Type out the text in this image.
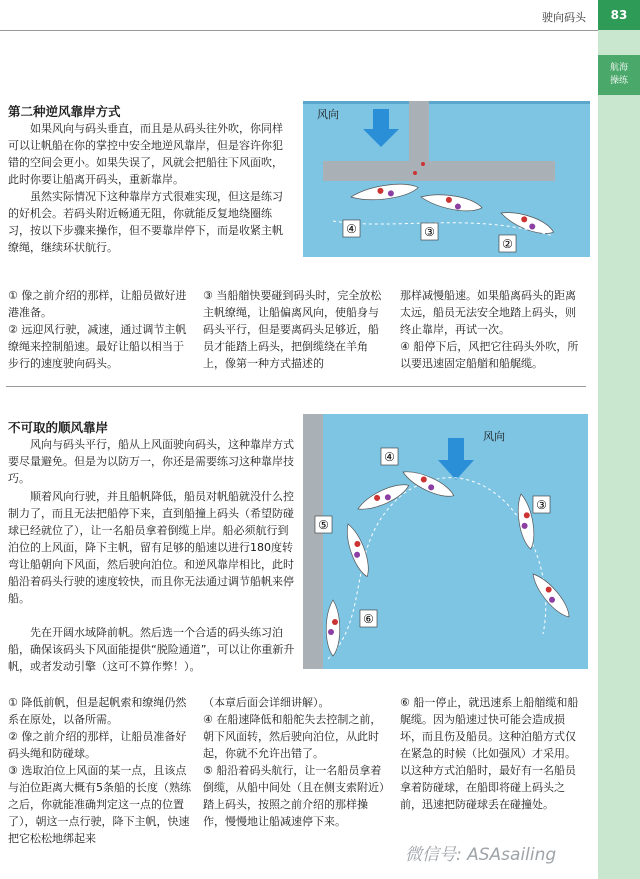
驶向码头	83
航海
操练
第二种逆风靠岸方式

如果风向与码头垂直，而且是从码头往外吹，你同样可以让帆船在你的掌控中安全地逆风靠岸，但是容许你犯错的空间会更小。如果失误了，风就会把船往下风面吹，此时你要让船离开码头，重新靠岸。

虽然实际情况下这种靠岸方式很难实现，但这是练习的好机会。若码头附近畅通无阻，你就能反复地绕圈练习，按以下步骤来操作，但不要靠岸停下，而是收紧主帆缭绳，继续环状航行。

风向
④	③
②

① 像之前介绍的那样，让船员做好进港准备。

② 远迎风行驶，减速，通过调节主帆缭绳来控制船速。最好让船以相当于步行的速度驶向码头。

③ 当船艏快要碰到码头时，完全放松主帆缭绳，让船偏离风向，使船身与码头平行，但是要离码头足够近，船员才能踏上码头，把倒缆绕在羊角上，像第一种方式描述的

那样减慢船速。如果船离码头的距离太远，船员无法安全地踏上码头，则终止靠岸，再试一次。

④ 船停下后，风把它往码头外吹，所以要迅速固定船艏和船艉缆。

不可取的顺风靠岸

风向与码头平行，船从上风面驶向码头，这种靠岸方式要尽量避免。但是为以防万一，你还是需要练习这种靠岸技巧。

顺着风向行驶，并且船帆降低，船员对帆船就没什么控制力了，而且无法把船停下来，直到船撞上码头（希望防碰球已经就位了），让一名船员拿着倒缆上岸。船必须航行到泊位的上风面，降下主帆，留有足够的船速以进行180度转弯让船朝向下风面，然后驶向泊位。和逆风靠岸相比，此时船沿着码头行驶的速度较快，而且你无法通过调节船帆来停船。

先在开阔水域降前帆。然后选一个合适的码头练习泊船，确保该码头下风面能提供“脱险通道”，可以让你重新升帆，或者发动引擎（这可不算作弊！）。

风向
④
③
⑤
⑥

① 降低前帆，但是起帆索和缭绳仍然系在原处，以备所需。

② 像之前介绍的那样，让船员准备好码头绳和防碰球。

③ 选取泊位上风面的某一点，且该点与泊位距离大概有5条船的长度（熟练之后，你就能准确判定这一点的位置了），朝这一点行驶，降下主帆，快速把它松松地绑起来

（本章后面会详细讲解）。

④ 在船速降低和船舵失去控制之前，朝下风面转，然后驶向泊位，从此时起，你就不允许出错了。

⑤ 船沿着码头航行，让一名船员拿着倒缆，从船中间处（且在侧支索附近）踏上码头，按照之前介绍的那样操作，慢慢地让船减速停下来。

⑥ 船一停止，就迅速系上船艏缆和船艉缆。因为船速过快可能会造成损坏，而且伤及船员。这种泊船方式仅在紧急的时候（比如强风）才采用。以这种方式泊船时，最好有一名船员拿着防碰球，在船即将碰上码头之前，迅速把防碰球丢在碰撞处。

微信号: ASAsailing
